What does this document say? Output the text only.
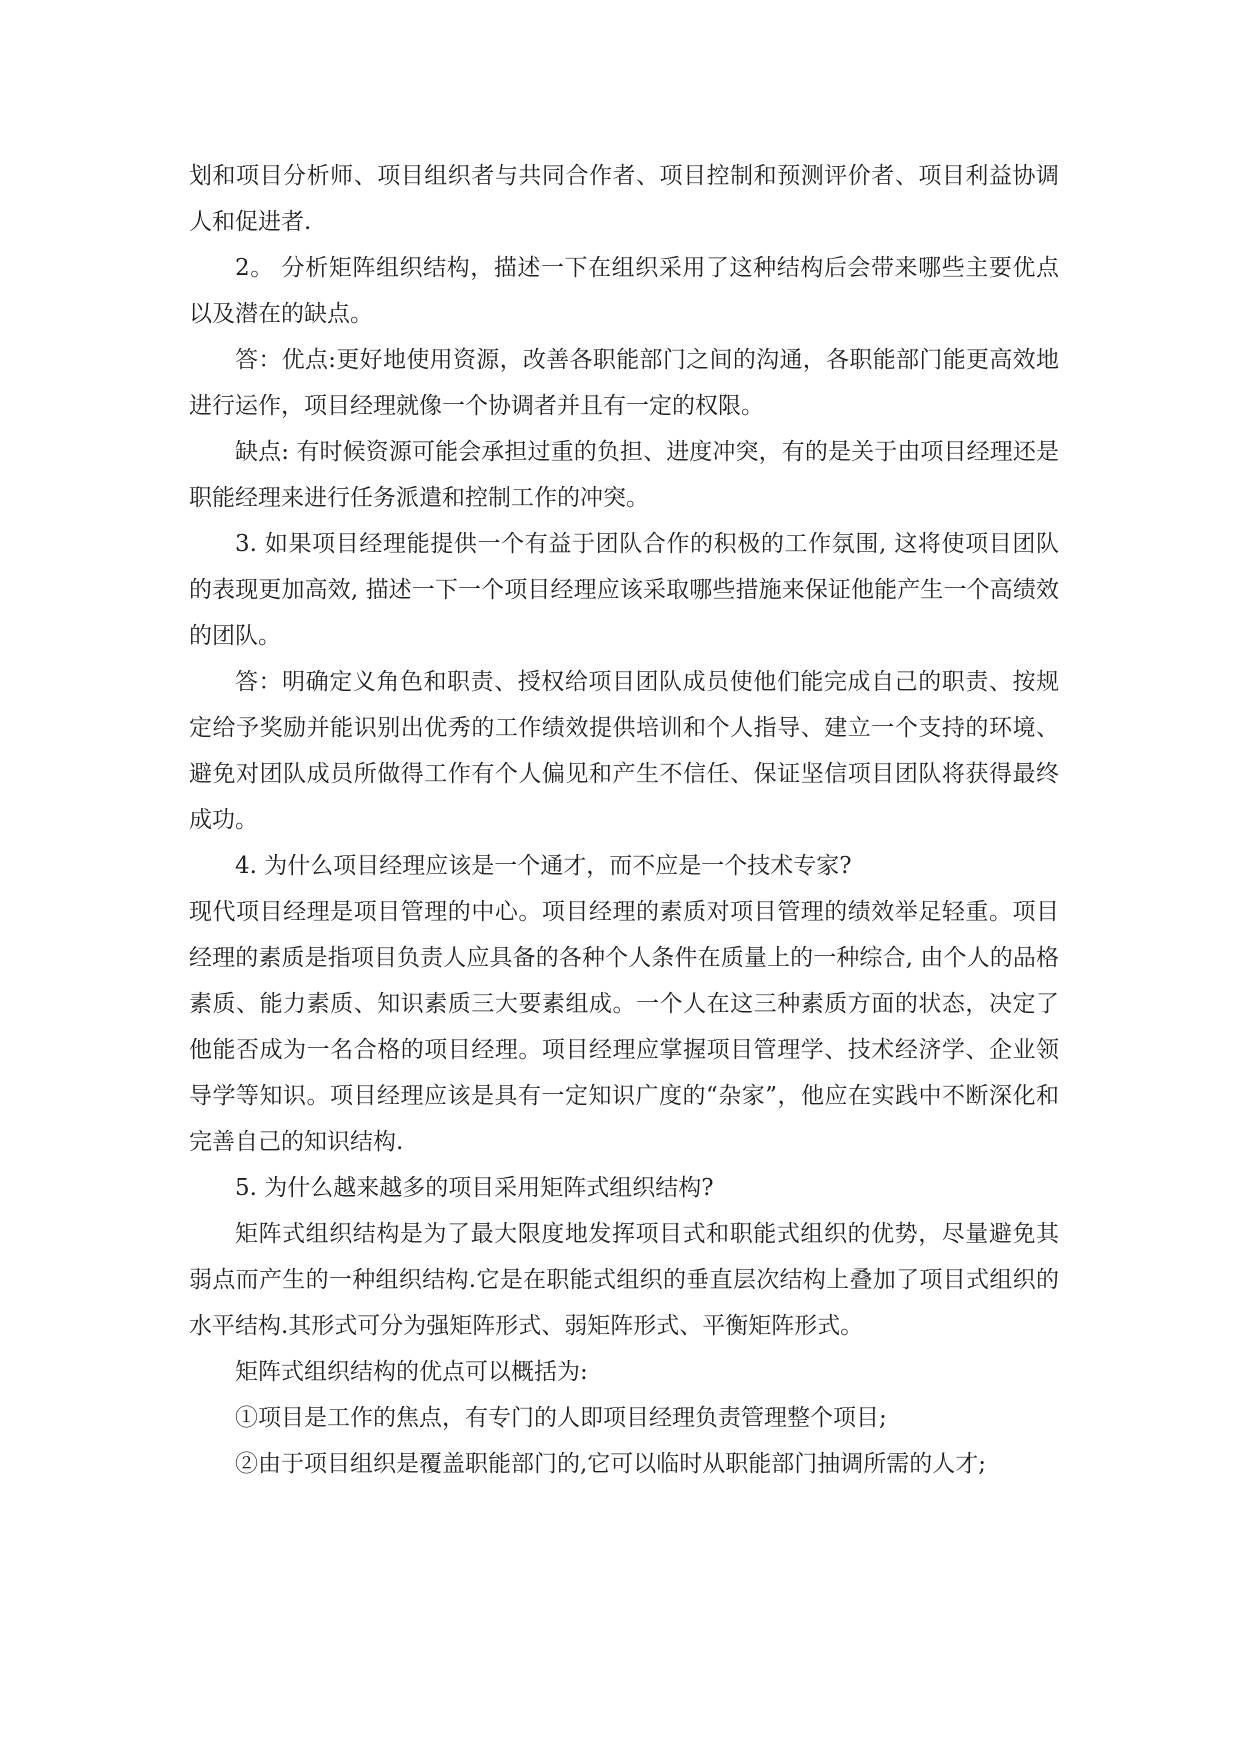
划和项目分析师、项目组织者与共同合作者、项目控制和预测评价者、项目利益协调人和促进者.

2。 分析矩阵组织结构，描述一下在组织采用了这种结构后会带来哪些主要优点以及潜在的缺点。

答：优点:更好地使用资源，改善各职能部门之间的沟通，各职能部门能更高效地进行运作，项目经理就像一个协调者并且有一定的权限。

缺点: 有时候资源可能会承担过重的负担、进度冲突，有的是关于由项目经理还是职能经理来进行任务派遣和控制工作的冲突。

3. 如果项目经理能提供一个有益于团队合作的积极的工作氛围, 这将使项目团队的表现更加高效, 描述一下一个项目经理应该采取哪些措施来保证他能产生一个高绩效的团队。

答：明确定义角色和职责、授权给项目团队成员使他们能完成自己的职责、按规定给予奖励并能识别出优秀的工作绩效提供培训和个人指导、建立一个支持的环境、避免对团队成员所做得工作有个人偏见和产生不信任、保证坚信项目团队将获得最终成功。

4. 为什么项目经理应该是一个通才，而不应是一个技术专家?

现代项目经理是项目管理的中心。项目经理的素质对项目管理的绩效举足轻重。项目经理的素质是指项目负责人应具备的各种个人条件在质量上的一种综合, 由个人的品格素质、能力素质、知识素质三大要素组成。一个人在这三种素质方面的状态，决定了他能否成为一名合格的项目经理。项目经理应掌握项目管理学、技术经济学、企业领导学等知识。项目经理应该是具有一定知识广度的“杂家”，他应在实践中不断深化和完善自己的知识结构.

5. 为什么越来越多的项目采用矩阵式组织结构?

矩阵式组织结构是为了最大限度地发挥项目式和职能式组织的优势，尽量避免其弱点而产生的一种组织结构.它是在职能式组织的垂直层次结构上叠加了项目式组织的水平结构.其形式可分为强矩阵形式、弱矩阵形式、平衡矩阵形式。

矩阵式组织结构的优点可以概括为:

①项目是工作的焦点，有专门的人即项目经理负责管理整个项目;

②由于项目组织是覆盖职能部门的,它可以临时从职能部门抽调所需的人才;
